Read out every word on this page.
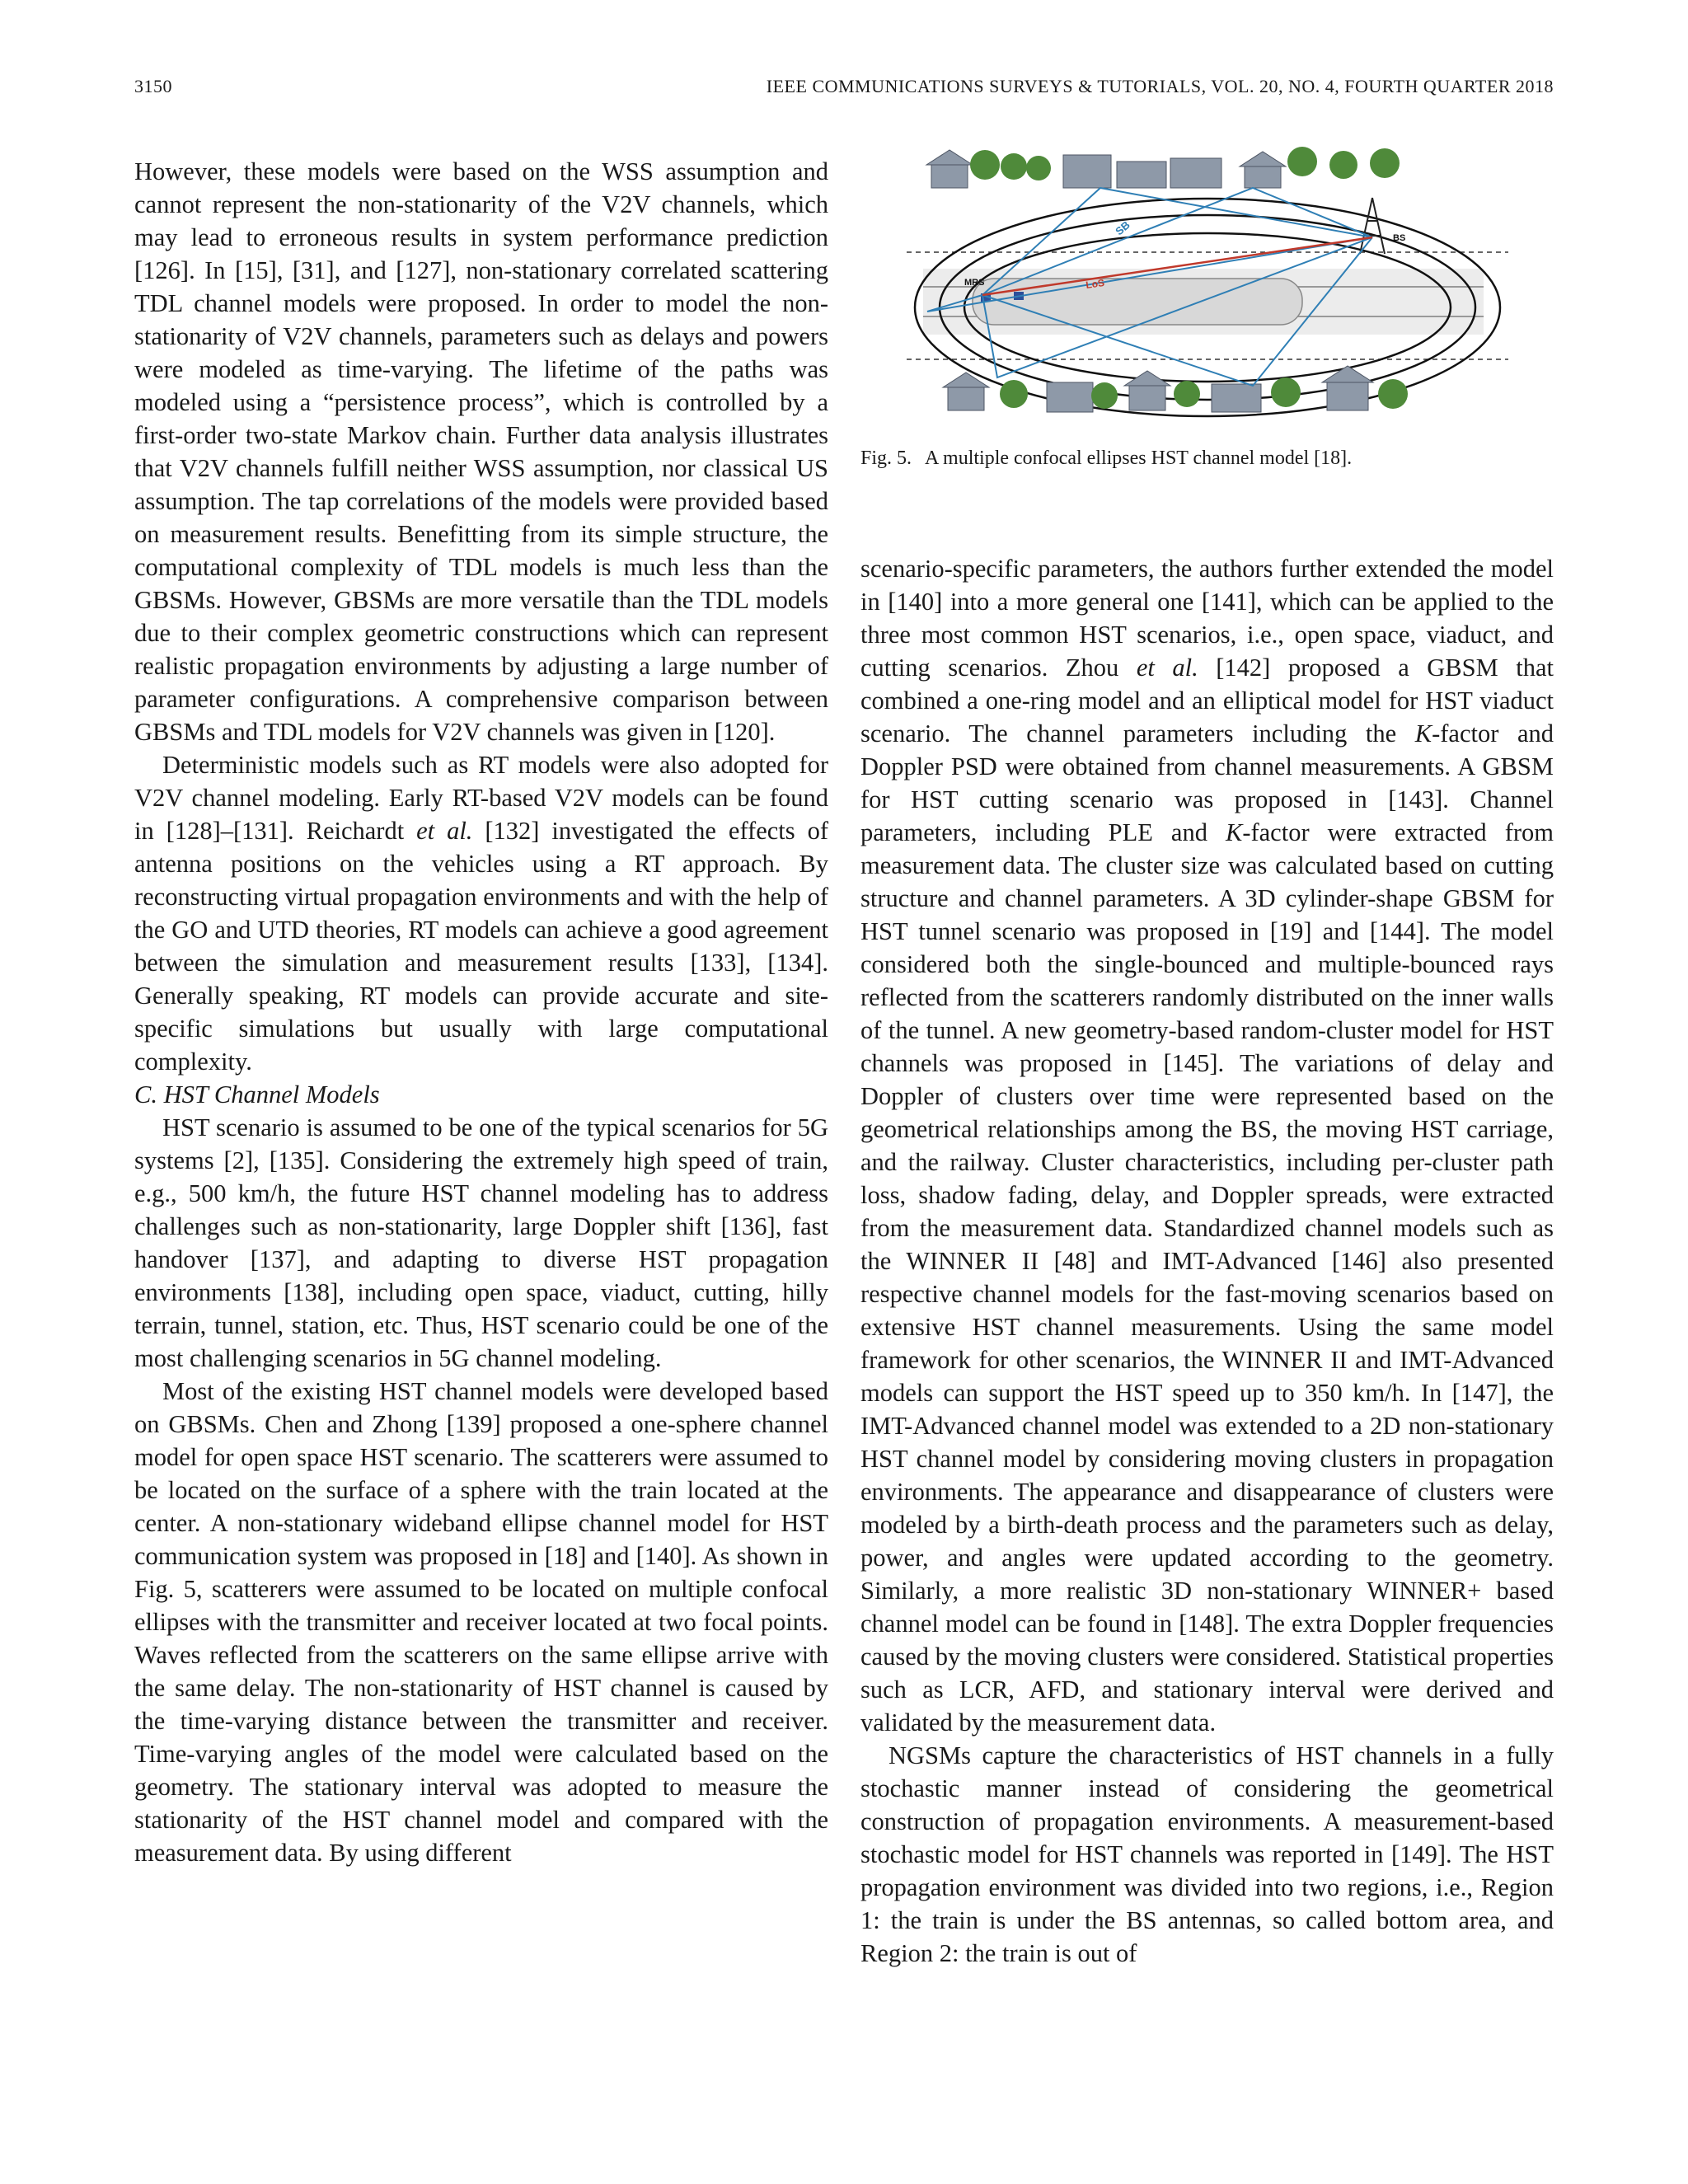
3150	IEEE COMMUNICATIONS SURVEYS & TUTORIALS, VOL. 20, NO. 4, FOURTH QUARTER 2018

However, these models were based on the WSS assumption and cannot represent the non-stationarity of the V2V channels, which may lead to erroneous results in system performance prediction [126]. In [15], [31], and [127], non-stationary correlated scattering TDL channel models were proposed. In order to model the non-stationarity of V2V channels, parameters such as delays and powers were modeled as time-varying. The lifetime of the paths was modeled using a “persistence process”, which is controlled by a first-order two-state Markov chain. Further data analysis illustrates that V2V channels fulfill neither WSS assumption, nor classical US assumption. The tap correlations of the models were provided based on measurement results. Benefitting from its simple structure, the computational complexity of TDL models is much less than the GBSMs. However, GBSMs are more versatile than the TDL models due to their complex geometric constructions which can represent realistic propagation environments by adjusting a large number of parameter configurations. A comprehensive comparison between GBSMs and TDL models for V2V channels was given in [120].

Deterministic models such as RT models were also adopted for V2V channel modeling. Early RT-based V2V models can be found in [128]–[131]. Reichardt et al. [132] investigated the effects of antenna positions on the vehicles using a RT approach. By reconstructing virtual propagation environments and with the help of the GO and UTD theories, RT models can achieve a good agreement between the simulation and measurement results [133], [134]. Generally speaking, RT models can provide accurate and site-specific simulations but usually with large computational complexity.

C. HST Channel Models

HST scenario is assumed to be one of the typical scenarios for 5G systems [2], [135]. Considering the extremely high speed of train, e.g., 500 km/h, the future HST channel modeling has to address challenges such as non-stationarity, large Doppler shift [136], fast handover [137], and adapting to diverse HST propagation environments [138], including open space, viaduct, cutting, hilly terrain, tunnel, station, etc. Thus, HST scenario could be one of the most challenging scenarios in 5G channel modeling.

Most of the existing HST channel models were developed based on GBSMs. Chen and Zhong [139] proposed a one-sphere channel model for open space HST scenario. The scatterers were assumed to be located on the surface of a sphere with the train located at the center. A non-stationary wideband ellipse channel model for HST communication system was proposed in [18] and [140]. As shown in Fig. 5, scatterers were assumed to be located on multiple confocal ellipses with the transmitter and receiver located at two focal points. Waves reflected from the scatterers on the same ellipse arrive with the same delay. The non-stationarity of HST channel is caused by the time-varying distance between the transmitter and receiver. Time-varying angles of the model were calculated based on the geometry. The stationary interval was adopted to measure the stationarity of the HST channel model and compared with the measurement data. By using different

MRS
BS
LoS
SB
Fig. 5. A multiple confocal ellipses HST channel model [18].

scenario-specific parameters, the authors further extended the model in [140] into a more general one [141], which can be applied to the three most common HST scenarios, i.e., open space, viaduct, and cutting scenarios. Zhou et al. [142] proposed a GBSM that combined a one-ring model and an elliptical model for HST viaduct scenario. The channel parameters including the K-factor and Doppler PSD were obtained from channel measurements. A GBSM for HST cutting scenario was proposed in [143]. Channel parameters, including PLE and K-factor were extracted from measurement data. The cluster size was calculated based on cutting structure and channel parameters. A 3D cylinder-shape GBSM for HST tunnel scenario was proposed in [19] and [144]. The model considered both the single-bounced and multiple-bounced rays reflected from the scatterers randomly distributed on the inner walls of the tunnel. A new geometry-based random-cluster model for HST channels was proposed in [145]. The variations of delay and Doppler of clusters over time were represented based on the geometrical relationships among the BS, the moving HST carriage, and the railway. Cluster characteristics, including per-cluster path loss, shadow fading, delay, and Doppler spreads, were extracted from the measurement data. Standardized channel models such as the WINNER II [48] and IMT-Advanced [146] also presented respective channel models for the fast-moving scenarios based on extensive HST channel measurements. Using the same model framework for other scenarios, the WINNER II and IMT-Advanced models can support the HST speed up to 350 km/h. In [147], the IMT-Advanced channel model was extended to a 2D non-stationary HST channel model by considering moving clusters in propagation environments. The appearance and disappearance of clusters were modeled by a birth-death process and the parameters such as delay, power, and angles were updated according to the geometry. Similarly, a more realistic 3D non-stationary WINNER+ based channel model can be found in [148]. The extra Doppler frequencies caused by the moving clusters were considered. Statistical properties such as LCR, AFD, and stationary interval were derived and validated by the measurement data.

NGSMs capture the characteristics of HST channels in a fully stochastic manner instead of considering the geometrical construction of propagation environments. A measurement-based stochastic model for HST channels was reported in [149]. The HST propagation environment was divided into two regions, i.e., Region 1: the train is under the BS antennas, so called bottom area, and Region 2: the train is out of
